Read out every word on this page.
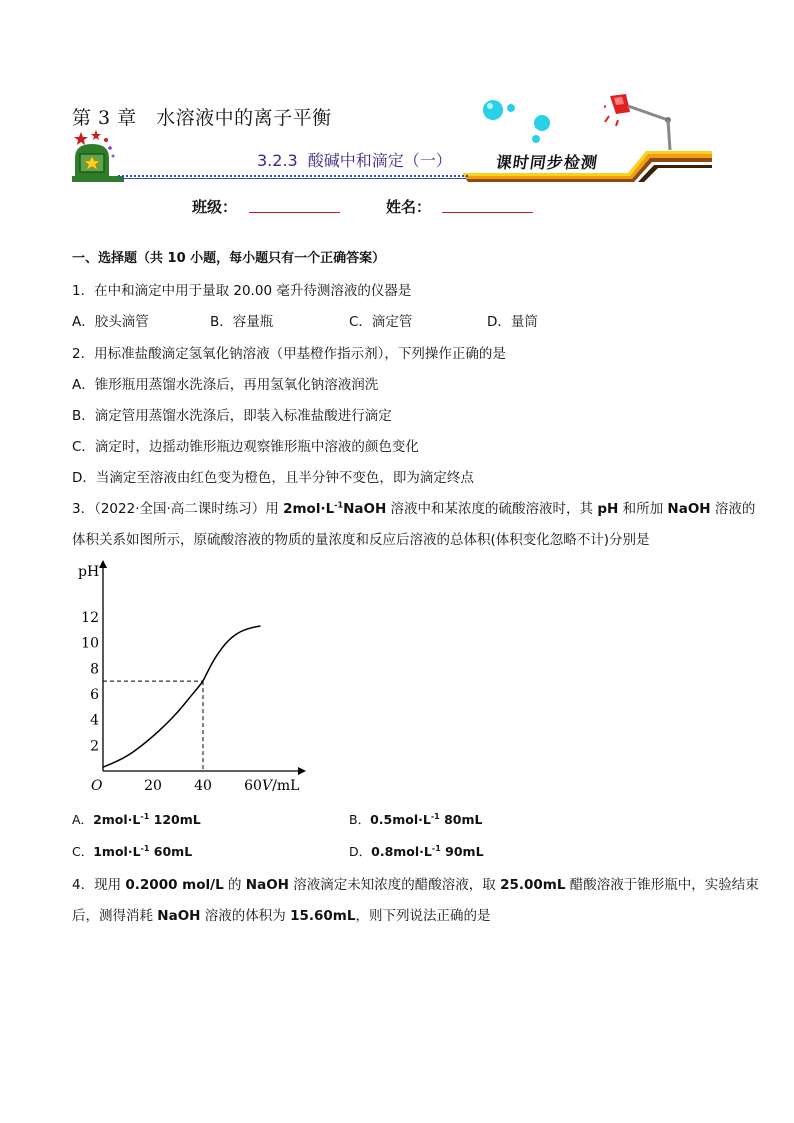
第 3 章　水溶液中的离子平衡
3.2.3 酸碱中和滴定（一）	课时同步检测
班级：	姓名：
一、选择题（共 10 小题，每小题只有一个正确答案）
1．在中和滴定中用于量取 20.00 毫升待测溶液的仪器是
A．胶头滴管	B．容量瓶	C．滴定管	D．量筒
2．用标准盐酸滴定氢氧化钠溶液（甲基橙作指示剂），下列操作正确的是
A．锥形瓶用蒸馏水洗涤后，再用氢氧化钠溶液润洗
B．滴定管用蒸馏水洗涤后，即装入标准盐酸进行滴定
C．滴定时，边摇动锥形瓶边观察锥形瓶中溶液的颜色变化
D．当滴定至溶液由红色变为橙色，且半分钟不变色，即为滴定终点
3．（2022·全国·高二课时练习）用 $2mol\cdot L^{-1}NaOH$ 溶液中和某浓度的硫酸溶液时，其 pH 和所加 NaOH 溶液的
体积关系如图所示，原硫酸溶液的物质的量浓度和反应后溶液的总体积(体积变化忽略不计)分别是
2
4
6
8
10
12
20 40 60
O
pH
V/mL
A．$2mol\cdot L^{-1}$ 120mL	B．$0.5mol\cdot L^{-1}$ 80mL
C．$1mol\cdot L^{-1}$ 60mL	D．$0.8mol\cdot L^{-1}$ 90mL
4．现用 0.2000 mol/L 的 NaOH 溶液滴定未知浓度的醋酸溶液，取 25.00mL 醋酸溶液于锥形瓶中，实验结束
后，测得消耗 NaOH 溶液的体积为 15.60mL，则下列说法正确的是
